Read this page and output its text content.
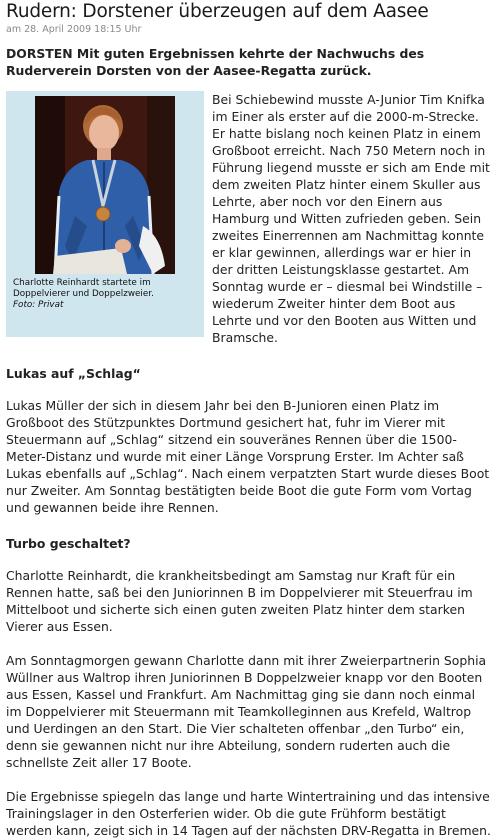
Rudern: Dorstener überzeugen auf dem Aasee
am 28. April 2009 18:15 Uhr
DORSTEN Mit guten Ergebnissen kehrte der Nachwuchs des Ruderverein Dorsten von der Aasee-Regatta zurück.
Charlotte Reinhardt startete im Doppelvierer und Doppelzweier.
Foto: Privat

Bei Schiebewind musste A-Junior Tim Knifka im Einer als erster auf die 2000-m-Strecke. Er hatte bislang noch keinen Platz in einem Großboot erreicht. Nach 750 Metern noch in Führung liegend musste er sich am Ende mit dem zweiten Platz hinter einem Skuller aus Lehrte, aber noch vor den Einern aus Hamburg und Witten zufrieden geben. Sein zweites Einerrennen am Nachmittag konnte er klar gewinnen, allerdings war er hier in der dritten Leistungsklasse gestartet. Am Sonntag wurde er – diesmal bei Windstille – wiederum Zweiter hinter dem Boot aus Lehrte und vor den Booten aus Witten und Bramsche.

Lukas auf „Schlag“

Lukas Müller der sich in diesem Jahr bei den B-Junioren einen Platz im Großboot des Stützpunktes Dortmund gesichert hat, fuhr im Vierer mit Steuermann auf „Schlag“ sitzend ein souveränes Rennen über die 1500-Meter-Distanz und wurde mit einer Länge Vorsprung Erster. Im Achter saß Lukas ebenfalls auf „Schlag“. Nach einem verpatzten Start wurde dieses Boot nur Zweiter. Am Sonntag bestätigten beide Boot die gute Form vom Vortag und gewannen beide ihre Rennen.

Turbo geschaltet?

Charlotte Reinhardt, die krankheitsbedingt am Samstag nur Kraft für ein Rennen hatte, saß bei den Juniorinnen B im Doppelvierer mit Steuerfrau im Mittelboot und sicherte sich einen guten zweiten Platz hinter dem starken Vierer aus Essen.

Am Sonntagmorgen gewann Charlotte dann mit ihrer Zweierpartnerin Sophia Wüllner aus Waltrop ihren Juniorinnen B Doppelzweier knapp vor den Booten aus Essen, Kassel und Frankfurt. Am Nachmittag ging sie dann noch einmal im Doppelvierer mit Steuermann mit Teamkolleginnen aus Krefeld, Waltrop und Uerdingen an den Start. Die Vier schalteten offenbar „den Turbo“ ein, denn sie gewannen nicht nur ihre Abteilung, sondern ruderten auch die schnellste Zeit aller 17 Boote.

Die Ergebnisse spiegeln das lange und harte Wintertraining und das intensive Trainingslager in den Osterferien wider. Ob die gute Frühform bestätigt werden kann, zeigt sich in 14 Tagen auf der nächsten DRV-Regatta in Bremen.
